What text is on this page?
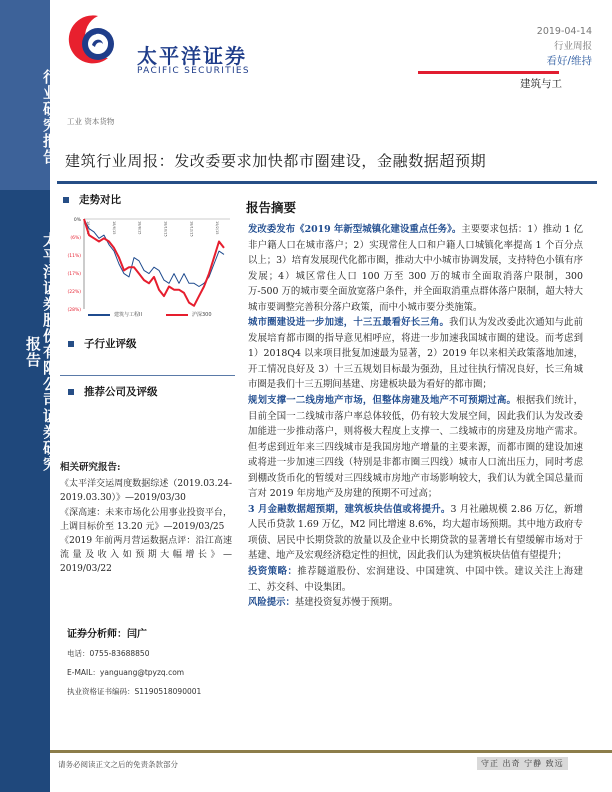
行业研究报告
太平洋证券股份有限公司证券研究报告
太平洋证券
PACIFIC SECURITIES
2019-04-14
行业周报
看好/维持
建筑与工
工业 资本货物
建筑行业周报：发改委要求加快都市圈建设，金融数据超预期
走势对比
0%
(6%)
(11%)
(17%)
(22%)
(28%)
18/4/16	18/6/15	18/8/15	18/10/15	18/12/15	19/2/15
建筑与工程II	沪深300
子行业评级
推荐公司及评级
相关研究报告:
《太平洋交运周度数据综述（2019.03.24-2019.03.30）》—2019/03/30
《深高速：未来市场化公用事业投资平台，上调目标价至 13.20 元》—2019/03/25
《2019 年前两月营运数据点评：沿江高速流量及收入如预期大幅增长》—2019/03/22
证券分析师：闫广
电话：0755-83688850
E-MAIL：yanguang@tpyzq.com
执业资格证书编码：S1190518090001
报告摘要

发改委发布《2019 年新型城镇化建设重点任务》。主要要求包括：1）推动 1 亿非户籍人口在城市落户；2）实现常住人口和户籍人口城镇化率提高 1 个百分点以上；3）培育发展现代化都市圈，推动大中小城市协调发展，支持特色小镇有序发展；4）城区常住人口 100 万至 300 万的城市全面取消落户限制，300 万-500 万的城市要全面放宽落户条件，并全面取消重点群体落户限制，超大特大城市要调整完善积分落户政策，而中小城市要分类施策。

城市圈建设进一步加速，十三五最看好长三角。我们认为发改委此次通知与此前发展培育都市圈的指导意见相呼应，将进一步加速我国城市圈的建设。而考虑到 1）2018Q4 以来项目批复加速最为显著，2）2019 年以来相关政策落地加速，开工情况良好及 3）十三五规划目标最为强劲，且过往执行情况良好，长三角城市圈是我们十三五期间基建、房建板块最为看好的都市圈；

规划支撑一二线房地产市场，但整体房建及地产不可预期过高。根据我们统计，目前全国一二线城市落户率总体较低，仍有较大发展空间，因此我们认为发改委加能进一步推动落户，则将极大程度上支撑一、二线城市的房建及房地产需求。但考虑到近年来三四线城市是我国房地产增量的主要来源，而都市圈的建设加速或将进一步加速三四线（特别是非都市圈三四线）城市人口流出压力，同时考虑到棚改货币化的暂缓对三四线城市房地产市场影响较大，我们认为就全国总量而言对 2019 年房地产及房建的预期不可过高；

3 月金融数据超预期，建筑板块估值或将提升。3 月社融规模 2.86 万亿，新增人民币贷款 1.69 万亿，M2 同比增速 8.6%，均大超市场预期。其中地方政府专项债、居民中长期贷款的放量以及企业中长期贷款的显著增长有望缓解市场对于基建、地产及宏观经济稳定性的担忧，因此我们认为建筑板块估值有望提升；

投资策略：推荐隧道股份、宏润建设、中国建筑、中国中铁。建议关注上海建工、苏交科、中设集团。

风险提示：基建投资复苏慢于预期。

请务必阅读正文之后的免责条款部分	守正 出奇 宁静 致远
